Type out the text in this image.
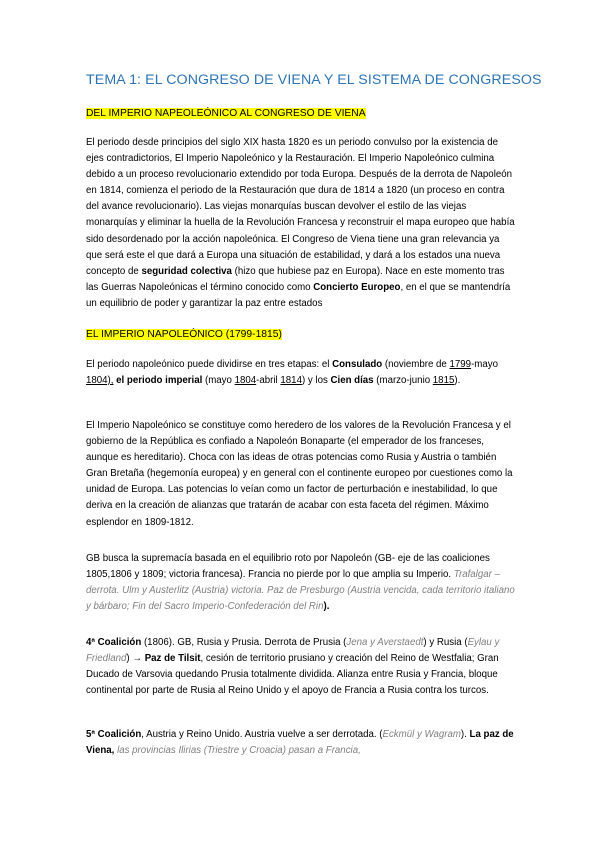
TEMA 1: EL CONGRESO DE VIENA Y EL SISTEMA DE CONGRESOS
DEL IMPERIO NAPEOLEÓNICO AL CONGRESO DE VIENA
El periodo desde principios del siglo XIX hasta 1820 es un periodo convulso por la existencia de ejes contradictorios, El Imperio Napoleónico y la Restauración. El Imperio Napoleónico culmina debido a un proceso revolucionario extendido por toda Europa. Después de la derrota de Napoleón en 1814, comienza el periodo de la Restauración que dura de 1814 a 1820 (un proceso en contra del avance revolucionario). Las viejas monarquías buscan devolver el estilo de las viejas monarquías y eliminar la huella de la Revolución Francesa y reconstruir el mapa europeo que había sido desordenado por la acción napoleónica. El Congreso de Viena tiene una gran relevancia ya que será este el que dará a Europa una situación de estabilidad, y dará a los estados una nueva concepto de seguridad colectiva (hizo que hubiese paz en Europa). Nace en este momento tras las Guerras Napoleónicas el término conocido como Concierto Europeo, en el que se mantendría un equilibrio de poder y garantizar la paz entre estados
EL IMPERIO NAPOLEÓNICO (1799-1815)
El periodo napoleónico puede dividirse en tres etapas: el Consulado (noviembre de 1799-mayo 1804), el periodo imperial (mayo 1804-abril 1814) y los Cien días (marzo-junio 1815).
El Imperio Napoleónico se constituye como heredero de los valores de la Revolución Francesa y el gobierno de la República es confiado a Napoleón Bonaparte (el emperador de los franceses, aunque es hereditario). Choca con las ideas de otras potencias como Rusia y Austria o también Gran Bretaña (hegemonía europea) y en general con el continente europeo por cuestiones como la unidad de Europa. Las potencias lo veían como un factor de perturbación e inestabilidad, lo que deriva en la creación de alianzas que tratarán de acabar con esta faceta del régimen. Máximo esplendor en 1809-1812.
GB busca la supremacía basada en el equilibrio roto por Napoleón (GB- eje de las coaliciones 1805,1806 y 1809; victoria francesa). Francia no pierde por lo que amplia su Imperio. Trafalgar – derrota. Ulm y Austerlitz (Austria) victoria. Paz de Presburgo (Austria vencida, cada territorio italiano y bárbaro; Fin del Sacro Imperio-Confederación del Rin).
4ª Coalición (1806). GB, Rusia y Prusia. Derrota de Prusia (Jena y Averstaedt) y Rusia (Eylau y Friedland) → Paz de Tilsit, cesión de territorio prusiano y creación del Reino de Westfalia; Gran Ducado de Varsovia quedando Prusia totalmente dividida. Alianza entre Rusia y Francia, bloque continental por parte de Rusia al Reino Unido y el apoyo de Francia a Rusia contra los turcos.
5ª Coalición, Austria y Reino Unido. Austria vuelve a ser derrotada. (Eckmül y Wagram). La paz de Viena, las provincias Ilirias (Triestre y Croacia) pasan a Francia,
